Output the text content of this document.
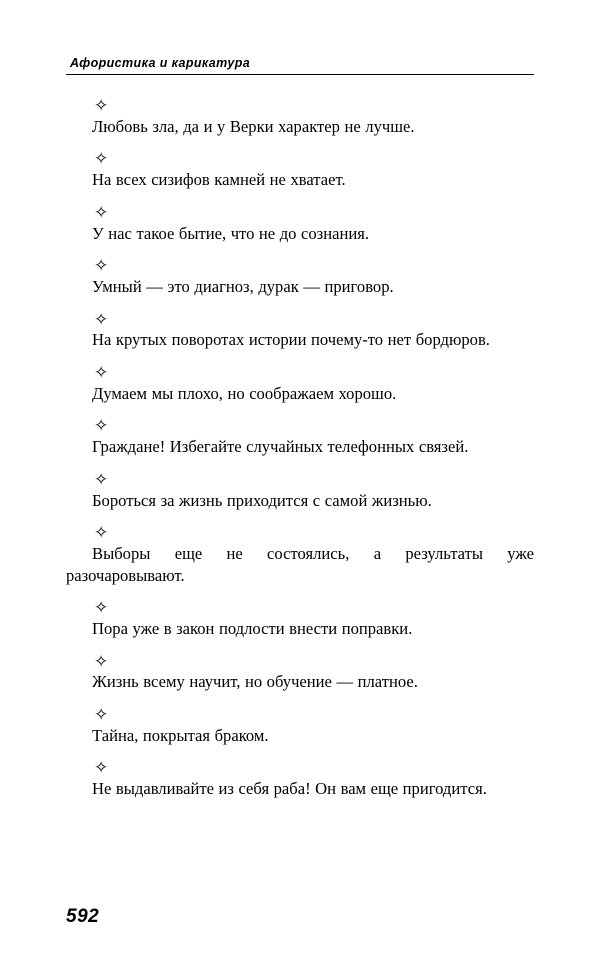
Афористика и карикатура
✧

Любовь зла, да и у Верки характер не лучше.

✧

На всех сизифов камней не хватает.

✧

У нас такое бытие, что не до сознания.

✧

Умный — это диагноз, дурак — приговор.

✧

На крутых поворотах истории почему-то нет бордюров.

✧

Думаем мы плохо, но соображаем хорошо.

✧

Граждане! Избегайте случайных телефонных связей.

✧

Бороться за жизнь приходится с самой жизнью.

✧

Выборы еще не состоялись, а результаты уже разочаровывают.

✧

Пора уже в закон подлости внести поправки.

✧

Жизнь всему научит, но обучение — платное.

✧

Тайна, покрытая браком.

✧

Не выдавливайте из себя раба! Он вам еще пригодится.

592
